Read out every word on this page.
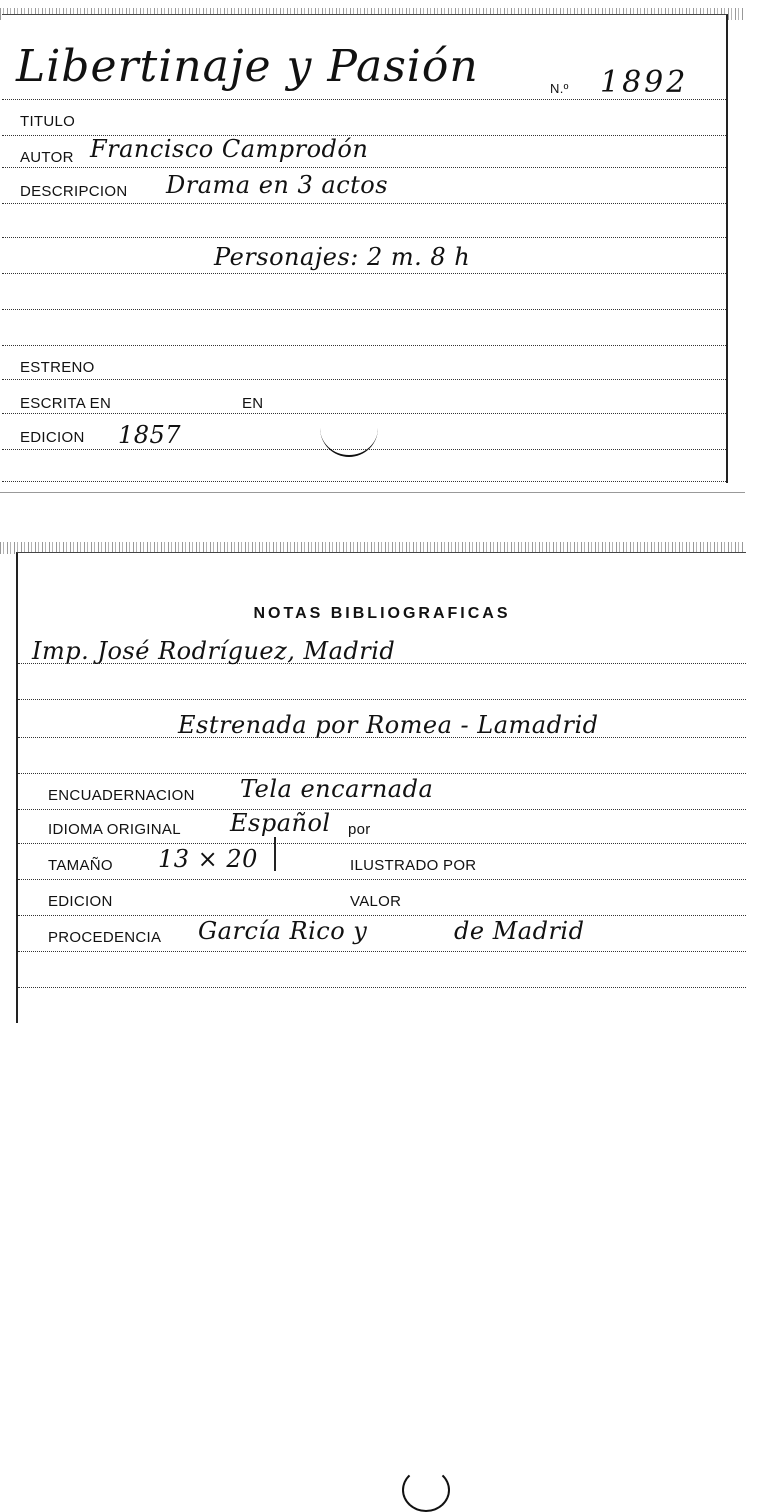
Libertinaje y Pasión	N.º 1892
TITULO
AUTOR Francisco Camprodón
DESCRIPCION Drama en 3 actos
Personajes: 2 m. 8 h
ESTRENO
ESCRITA EN	EN
EDICION 1857
NOTAS BIBLIOGRAFICAS
Imp. José Rodríguez, Madrid
Estrenada por Romea - Lamadrid
ENCUADERNACION Tela encarnada
IDIOMA ORIGINAL Español por
TAMAÑO 13 × 20	ILUSTRADO POR
EDICION	VALOR
PROCEDENCIA García Rico y	de Madrid
